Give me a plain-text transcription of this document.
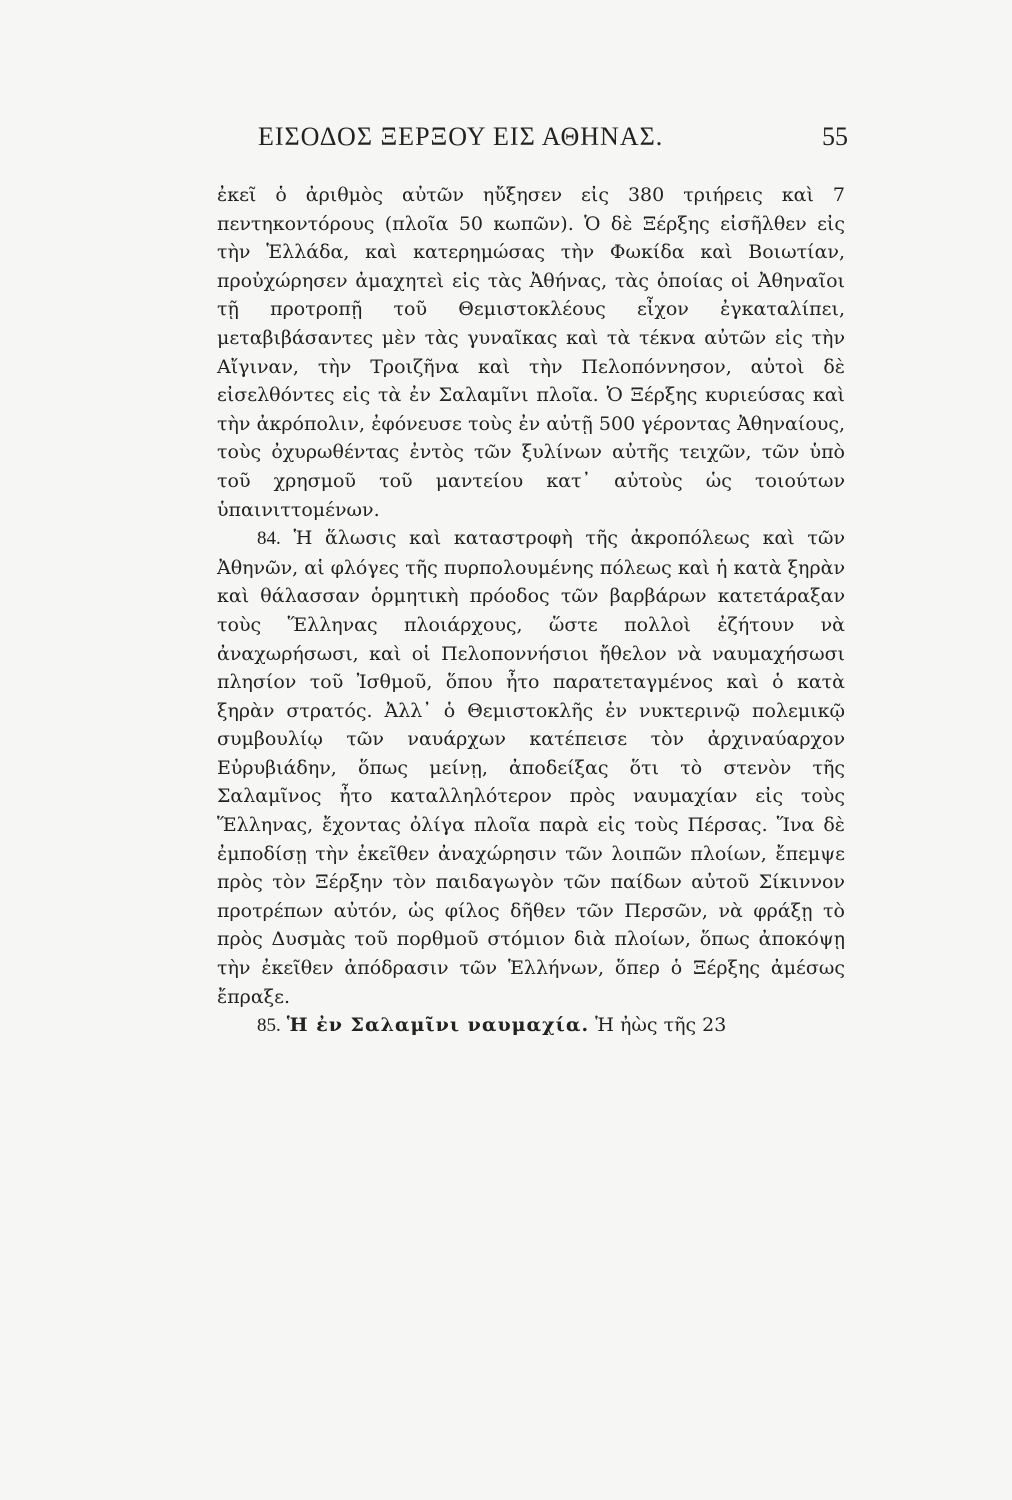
ΕΙΣΟΔΟΣ ΞΕΡΞΟΥ ΕΙΣ ΑΘΗΝΑΣ.	55

ἐκεῖ ὁ ἀριθμὸς αὐτῶν ηὔξησεν εἰς 380 τριήρεις καὶ 7 πεντηκοντόρους (πλοῖα 50 κωπῶν). Ὁ δὲ Ξέρξης εἰσῆλθεν εἰς τὴν Ἑλλάδα, καὶ κατερημώσας τὴν Φωκίδα καὶ Βοιωτίαν, προὐχώρησεν ἀμαχητεὶ εἰς τὰς Ἀθήνας, τὰς ὁποίας οἱ Ἀθηναῖοι τῇ προτροπῇ τοῦ Θεμιστοκλέους εἶχον ἐγκαταλίπει, μεταβιβάσαντες μὲν τὰς γυναῖκας καὶ τὰ τέκνα αὐτῶν εἰς τὴν Αἴγιναν, τὴν Τροιζῆνα καὶ τὴν Πελοπόννησον, αὐτοὶ δὲ εἰσελθόντες εἰς τὰ ἐν Σαλαμῖνι πλοῖα. Ὁ Ξέρξης κυριεύσας καὶ τὴν ἀκρόπολιν, ἐφόνευσε τοὺς ἐν αὐτῇ 500 γέροντας Ἀθηναίους, τοὺς ὀχυρωθέντας ἐντὸς τῶν ξυλίνων αὐτῆς τειχῶν, τῶν ὑπὸ τοῦ χρησμοῦ τοῦ μαντείου κατ᾽ αὐτοὺς ὡς τοιούτων ὑπαινιττομένων.

84. Ἡ ἅλωσις καὶ καταστροφὴ τῆς ἀκροπόλεως καὶ τῶν Ἀθηνῶν, αἱ φλόγες τῆς πυρπολουμένης πόλεως καὶ ἡ κατὰ ξηρὰν καὶ θάλασσαν ὁρμητικὴ πρόοδος τῶν βαρβάρων κατετάραξαν τοὺς Ἕλληνας πλοιάρχους, ὥστε πολλοὶ ἐζήτουν νὰ ἀναχωρήσωσι, καὶ οἱ Πελοποννήσιοι ἤθελον νὰ ναυμαχήσωσι πλησίον τοῦ Ἰσθμοῦ, ὅπου ἦτο παρατεταγμένος καὶ ὁ κατὰ ξηρὰν στρατός. Ἀλλ᾽ ὁ Θεμιστοκλῆς ἐν νυκτερινῷ πολεμικῷ συμβουλίῳ τῶν ναυάρχων κατέπεισε τὸν ἀρχιναύαρχον Εὐρυβιάδην, ὅπως μείνῃ, ἀποδείξας ὅτι τὸ στενὸν τῆς Σαλαμῖνος ἦτο καταλληλότερον πρὸς ναυμαχίαν εἰς τοὺς Ἕλληνας, ἔχοντας ὀλίγα πλοῖα παρὰ εἰς τοὺς Πέρσας. Ἵνα δὲ ἐμποδίσῃ τὴν ἐκεῖθεν ἀναχώρησιν τῶν λοιπῶν πλοίων, ἔπεμψε πρὸς τὸν Ξέρξην τὸν παιδαγωγὸν τῶν παίδων αὐτοῦ Σίκιννον προτρέπων αὐτόν, ὡς φίλος δῆθεν τῶν Περσῶν, νὰ φράξῃ τὸ πρὸς Δυσμὰς τοῦ πορθμοῦ στόμιον διὰ πλοίων, ὅπως ἀποκόψῃ τὴν ἐκεῖθεν ἀπόδρασιν τῶν Ἑλλήνων, ὅπερ ὁ Ξέρξης ἀμέσως ἔπραξε.

85. Ἡ ἐν Σαλαμῖνι ναυμαχία. Ἡ ἠὼς τῆς 23
